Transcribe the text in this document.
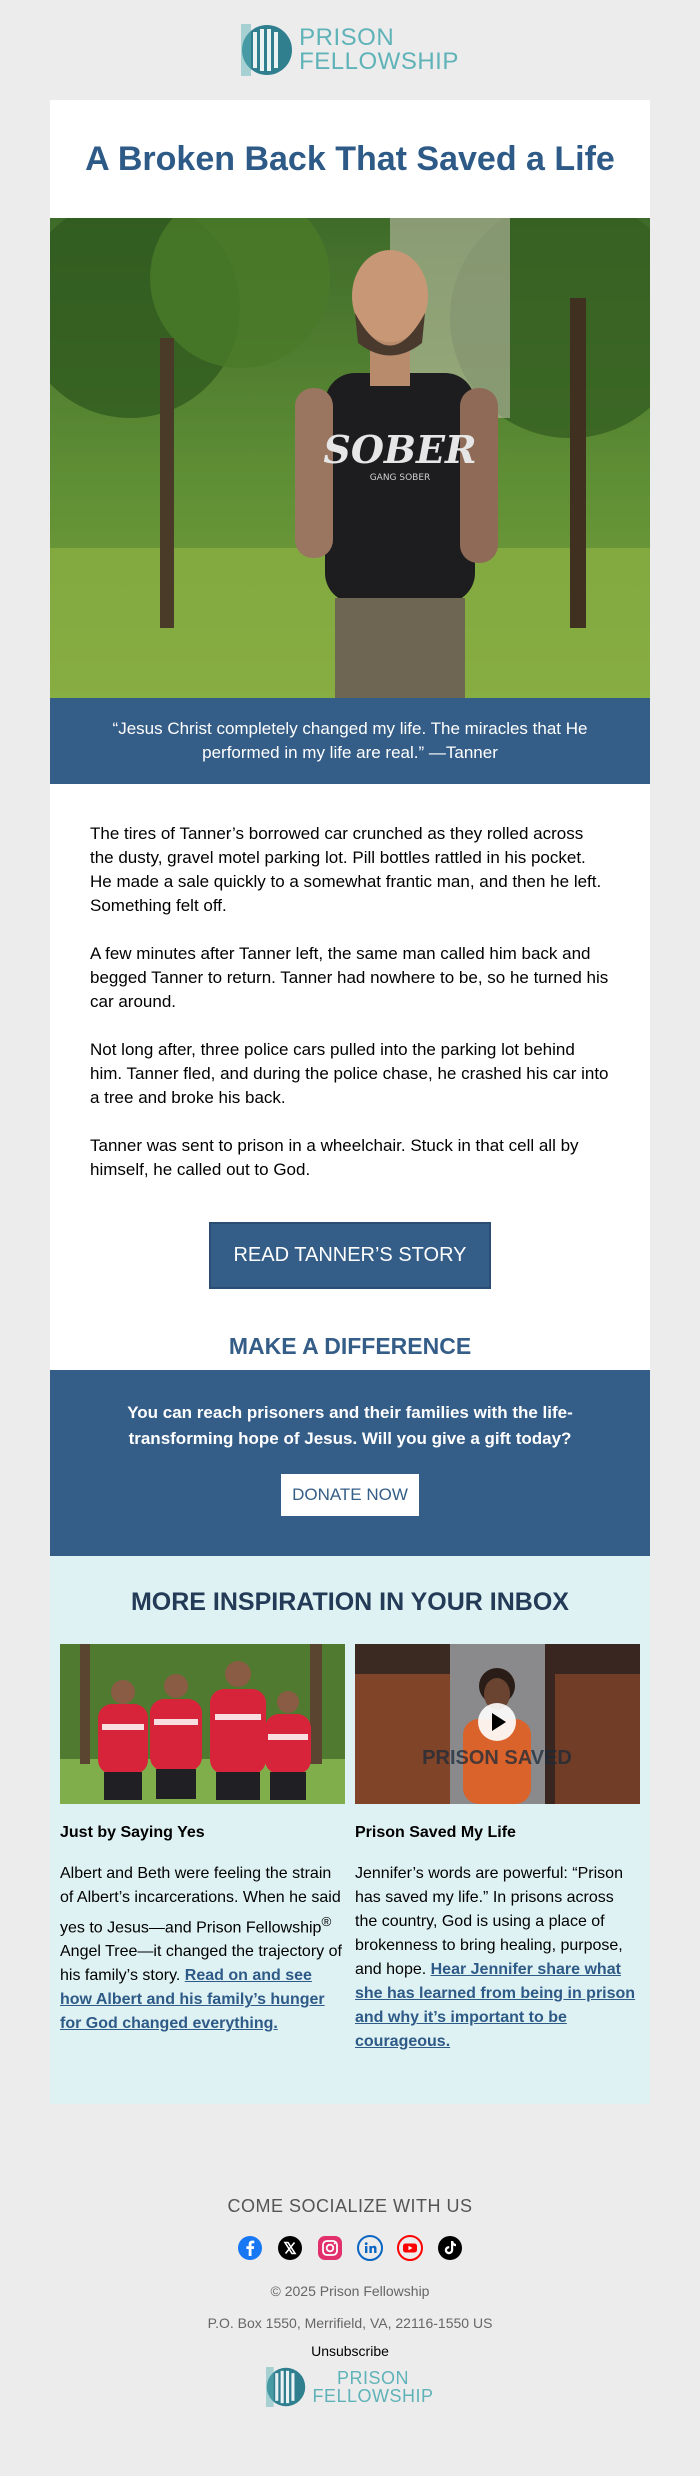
PRISON
FELLOWSHIP
A Broken Back That Saved a Life
SOBER
GANG SOBER
“Jesus Christ completely changed my life. The miracles that He performed in my life are real.” —Tanner

The tires of Tanner’s borrowed car crunched as they rolled across the dusty, gravel motel parking lot. Pill bottles rattled in his pocket. He made a sale quickly to a somewhat frantic man, and then he left. Something felt off.

A few minutes after Tanner left, the same man called him back and begged Tanner to return. Tanner had nowhere to be, so he turned his car around.

Not long after, three police cars pulled into the parking lot behind him. Tanner fled, and during the police chase, he crashed his car into a tree and broke his back.

Tanner was sent to prison in a wheelchair. Stuck in that cell all by himself, he called out to God.

READ TANNER’S STORY
MAKE A DIFFERENCE
You can reach prisoners and their families with the life-transforming hope of Jesus. Will you give a gift today?
DONATE NOW
MORE INSPIRATION IN YOUR INBOX
Just by Saying Yes

Albert and Beth were feeling the strain of Albert’s incarcerations. When he said yes to Jesus—and Prison Fellowship® Angel Tree—it changed the trajectory of his family’s story. Read on and see how Albert and his family’s hunger for God changed everything.

PRISON SAVED
Prison Saved My Life

Jennifer’s words are powerful: “Prison has saved my life.” In prisons across the country, God is using a place of brokenness to bring healing, purpose, and hope. Hear Jennifer share what she has learned from being in prison and why it’s important to be courageous.

COME SOCIALIZE WITH US
© 2025 Prison Fellowship
P.O. Box 1550, Merrifield, VA, 22116-1550 US
Unsubscribe
PRISON
FELLOWSHIP
